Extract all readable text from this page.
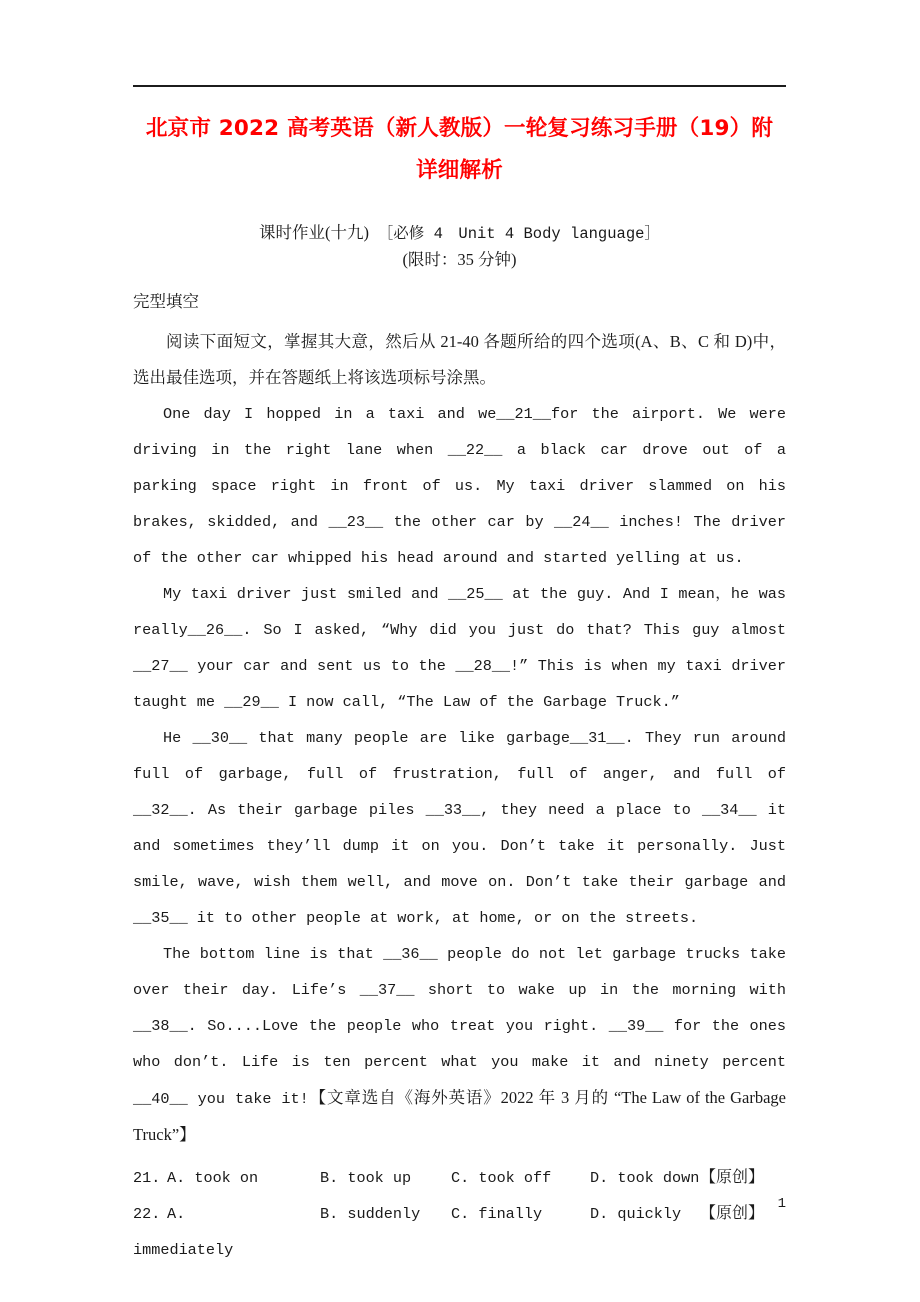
北京市 2022 高考英语（新人教版）一轮复习练习手册（19）附详细解析
课时作业(十九)　［必修 4　Unit 4 Body language］
(限时：35 分钟)
完型填空
阅读下面短文，掌握其大意，然后从 21-40 各题所给的四个选项(A、B、C 和 D)中，选出最佳选项，并在答题纸上将该选项标号涂黑。

One day I hopped in a taxi and we__21__for the airport. We were driving in the right lane when __22__ a black car drove out of a parking space right in front of us. My taxi driver slammed on his brakes, skidded, and __23__ the other car by __24__ inches! The driver of the other car whipped his head around and started yelling at us.

My taxi driver just smiled and __25__ at the guy. And I mean，he was really__26__. So I asked, “Why did you just do that? This guy almost __27__ your car and sent us to the __28__!” This is when my taxi driver taught me __29__ I now call, “The Law of the Garbage Truck.”

He __30__ that many people are like garbage__31__. They run around full of garbage, full of frustration, full of anger, and full of __32__. As their garbage piles __33__, they need a place to __34__ it and sometimes they’ll dump it on you. Don’t take it personally. Just smile, wave, wish them well, and move on. Don’t take their garbage and __35__ it to other people at work, at home, or on the streets.

The bottom line is that __36__ people do not let garbage trucks take over their day. Life’s __37__ short to wake up in the morning with __38__. So....Love the people who treat you right. __39__ for the ones who don’t. Life is ten percent what you make it and ninety percent __40__ you take it!【文章选自《海外英语》2022 年 3 月的 “The Law of the Garbage Truck”】

21. A. took on	B. took up	C. took off	D. took down 【原创】
22. A.	B. suddenly C. finally	D. quickly 【原创】
immediately
1
